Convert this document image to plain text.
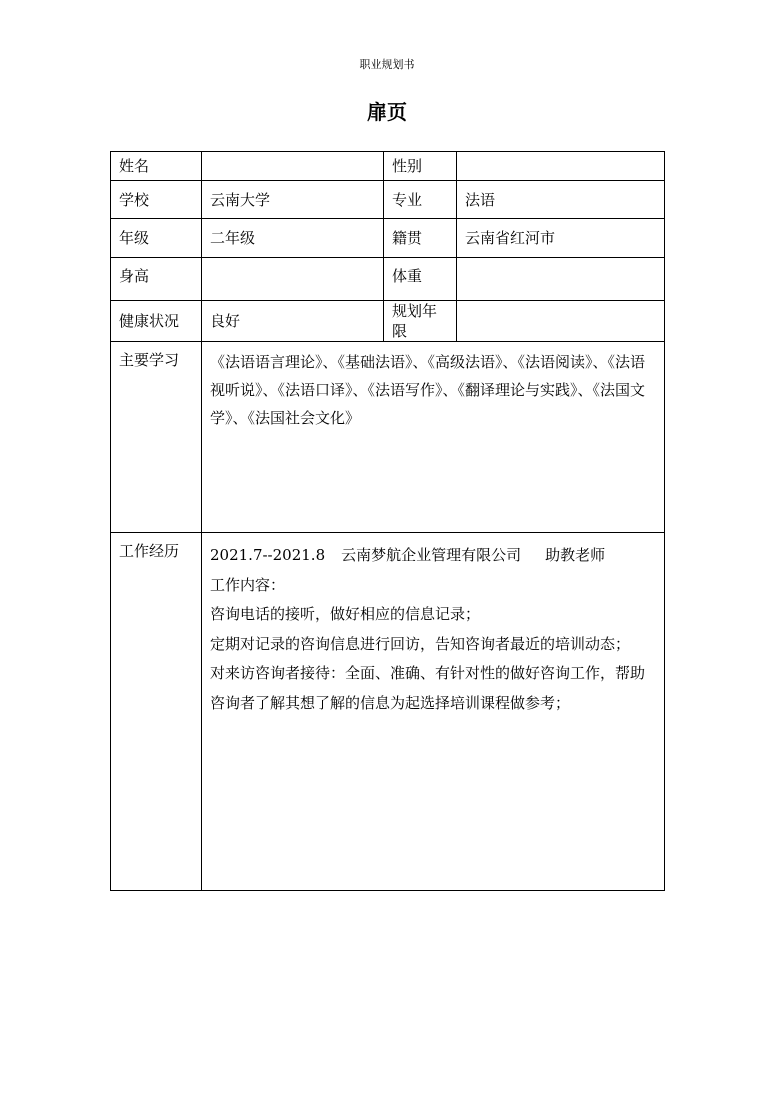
职业规划书
扉页
姓名		性别	
学校	云南大学	专业	法语
年级	二年级	籍贯	云南省红河市
身高		体重	
健康状况	良好	规划年限	
主要学习	《法语语言理论》、《基础法语》、《高级法语》、《法语阅读》、《法语视听说》、《法语口译》、《法语写作》、《翻译理论与实践》、《法国文学》、《法国社会文化》		

工作经历	2021.7--2021.8 云南梦航企业管理有限公司 助教老师
工作内容：
咨询电话的接听，做好相应的信息记录；
定期对记录的咨询信息进行回访，告知咨询者最近的培训动态；
对来访咨询者接待：全面、准确、有针对性的做好咨询工作，帮助咨询者了解其想了解的信息为起选择培训课程做参考；		
